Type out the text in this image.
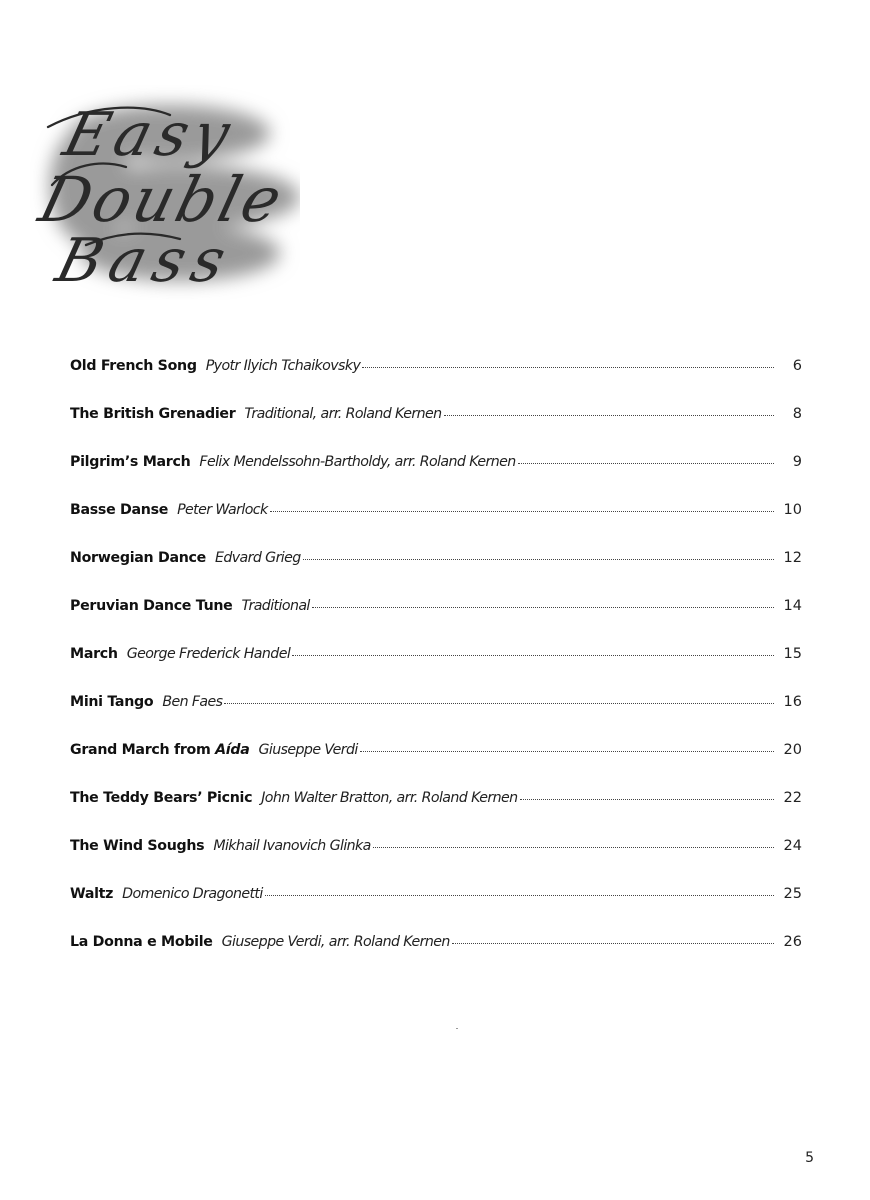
Easy
Double
Bass
Old French Song Pyotr Ilyich Tchaikovsky	6
The British Grenadier Traditional, arr. Roland Kernen	8
Pilgrim’s March Felix Mendelssohn-Bartholdy, arr. Roland Kernen	9
Basse Danse Peter Warlock	10
Norwegian Dance Edvard Grieg	12
Peruvian Dance Tune Traditional	14
March George Frederick Handel	15
Mini Tango Ben Faes	16
Grand March from Aída Giuseppe Verdi	20
The Teddy Bears’ Picnic John Walter Bratton, arr. Roland Kernen	22
The Wind Soughs Mikhail Ivanovich Glinka	24
Waltz Domenico Dragonetti	25
La Donna e Mobile Giuseppe Verdi, arr. Roland Kernen	26
5
